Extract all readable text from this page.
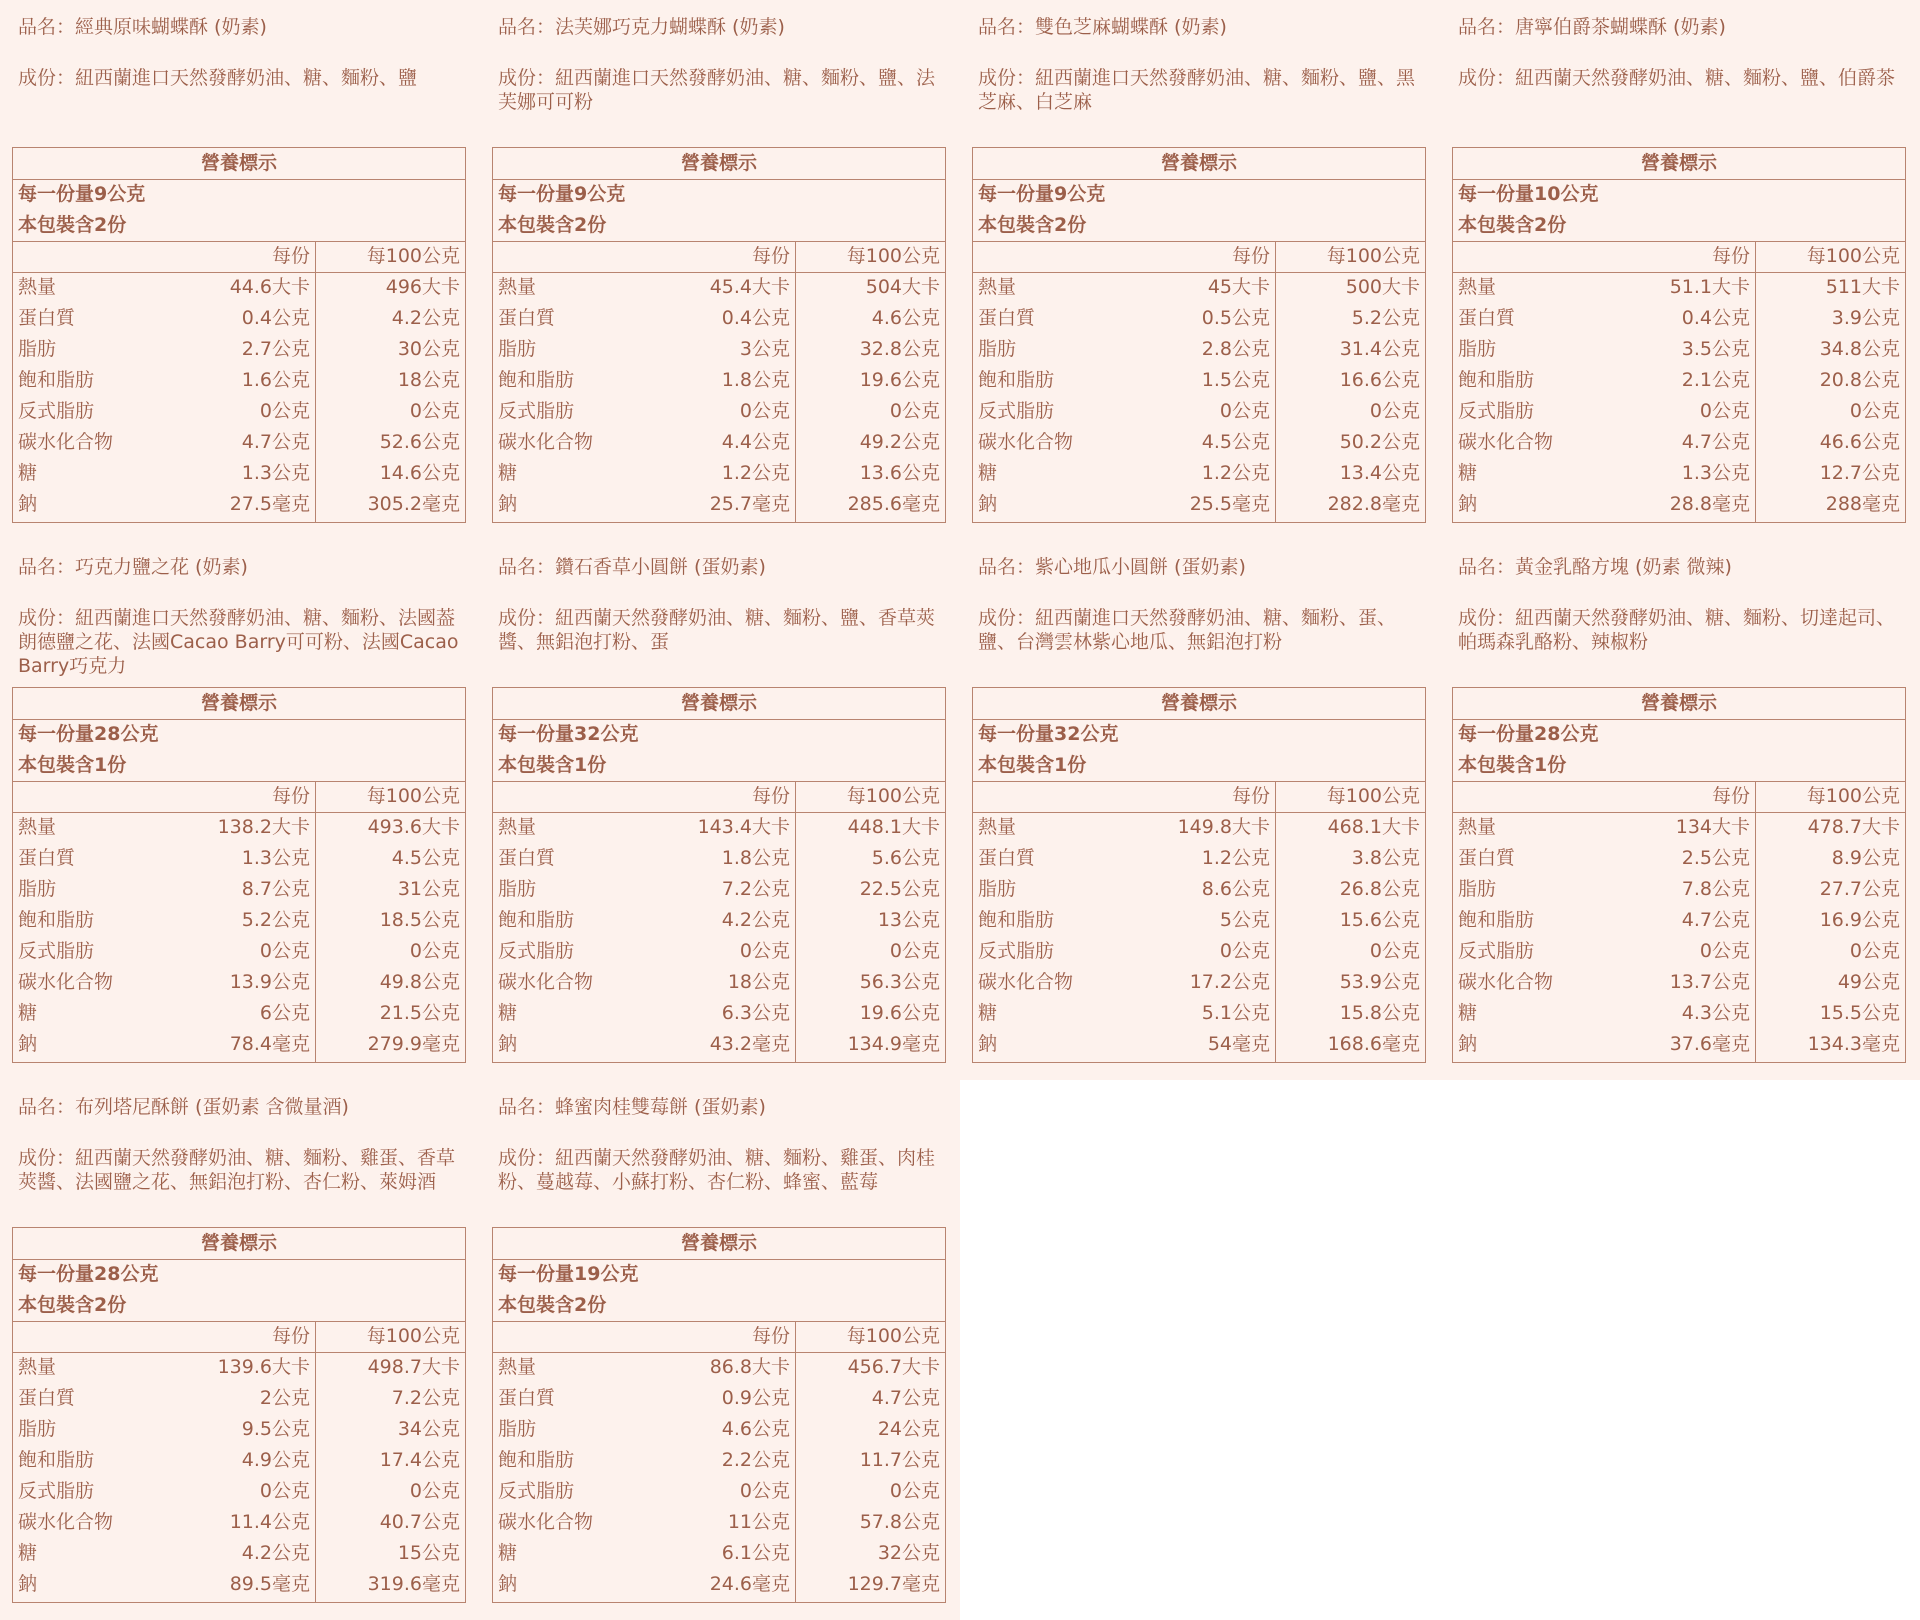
品名：經典原味蝴蝶酥 (奶素)
成份：紐西蘭進口天然發酵奶油、糖、麵粉、鹽
營養標示
每一份量9公克
本包裝含2份
每份	每100公克
熱量	44.6大卡	496大卡
蛋白質	0.4公克	4.2公克
脂肪	2.7公克	30公克
飽和脂肪	1.6公克	18公克
反式脂肪	0公克	0公克
碳水化合物	4.7公克	52.6公克
糖	1.3公克	14.6公克
鈉	27.5毫克	305.2毫克
品名：法芙娜巧克力蝴蝶酥 (奶素)
成份：紐西蘭進口天然發酵奶油、糖、麵粉、鹽、法芙娜可可粉
營養標示
每一份量9公克
本包裝含2份
每份	每100公克
熱量	45.4大卡	504大卡
蛋白質	0.4公克	4.6公克
脂肪	3公克	32.8公克
飽和脂肪	1.8公克	19.6公克
反式脂肪	0公克	0公克
碳水化合物	4.4公克	49.2公克
糖	1.2公克	13.6公克
鈉	25.7毫克	285.6毫克
品名：雙色芝麻蝴蝶酥 (奶素)
成份：紐西蘭進口天然發酵奶油、糖、麵粉、鹽、黑芝麻、白芝麻
營養標示
每一份量9公克
本包裝含2份
每份	每100公克
熱量	45大卡	500大卡
蛋白質	0.5公克	5.2公克
脂肪	2.8公克	31.4公克
飽和脂肪	1.5公克	16.6公克
反式脂肪	0公克	0公克
碳水化合物	4.5公克	50.2公克
糖	1.2公克	13.4公克
鈉	25.5毫克	282.8毫克
品名：唐寧伯爵茶蝴蝶酥 (奶素)
成份：紐西蘭天然發酵奶油、糖、麵粉、鹽、伯爵茶
營養標示
每一份量10公克
本包裝含2份
每份	每100公克
熱量	51.1大卡	511大卡
蛋白質	0.4公克	3.9公克
脂肪	3.5公克	34.8公克
飽和脂肪	2.1公克	20.8公克
反式脂肪	0公克	0公克
碳水化合物	4.7公克	46.6公克
糖	1.3公克	12.7公克
鈉	28.8毫克	288毫克
品名：巧克力鹽之花 (奶素)
成份：紐西蘭進口天然發酵奶油、糖、麵粉、法國葢朗德鹽之花、法國Cacao Barry可可粉、法國Cacao Barry巧克力
營養標示
每一份量28公克
本包裝含1份
每份	每100公克
熱量	138.2大卡	493.6大卡
蛋白質	1.3公克	4.5公克
脂肪	8.7公克	31公克
飽和脂肪	5.2公克	18.5公克
反式脂肪	0公克	0公克
碳水化合物	13.9公克	49.8公克
糖	6公克	21.5公克
鈉	78.4毫克	279.9毫克
品名：鑽石香草小圓餅 (蛋奶素)
成份：紐西蘭天然發酵奶油、糖、麵粉、鹽、香草莢醬、無鋁泡打粉、蛋
營養標示
每一份量32公克
本包裝含1份
每份	每100公克
熱量	143.4大卡	448.1大卡
蛋白質	1.8公克	5.6公克
脂肪	7.2公克	22.5公克
飽和脂肪	4.2公克	13公克
反式脂肪	0公克	0公克
碳水化合物	18公克	56.3公克
糖	6.3公克	19.6公克
鈉	43.2毫克	134.9毫克
品名：紫心地瓜小圓餅 (蛋奶素)
成份：紐西蘭進口天然發酵奶油、糖、麵粉、蛋、鹽、台灣雲林紫心地瓜、無鋁泡打粉
營養標示
每一份量32公克
本包裝含1份
每份	每100公克
熱量	149.8大卡	468.1大卡
蛋白質	1.2公克	3.8公克
脂肪	8.6公克	26.8公克
飽和脂肪	5公克	15.6公克
反式脂肪	0公克	0公克
碳水化合物	17.2公克	53.9公克
糖	5.1公克	15.8公克
鈉	54毫克	168.6毫克
品名：黃金乳酪方塊 (奶素 微辣)
成份：紐西蘭天然發酵奶油、糖、麵粉、切達起司、帕瑪森乳酪粉、辣椒粉
營養標示
每一份量28公克
本包裝含1份
每份	每100公克
熱量	134大卡	478.7大卡
蛋白質	2.5公克	8.9公克
脂肪	7.8公克	27.7公克
飽和脂肪	4.7公克	16.9公克
反式脂肪	0公克	0公克
碳水化合物	13.7公克	49公克
糖	4.3公克	15.5公克
鈉	37.6毫克	134.3毫克
品名：布列塔尼酥餅 (蛋奶素 含微量酒)
成份：紐西蘭天然發酵奶油、糖、麵粉、雞蛋、香草莢醬、法國鹽之花、無鋁泡打粉、杏仁粉、萊姆酒
營養標示
每一份量28公克
本包裝含2份
每份	每100公克
熱量	139.6大卡	498.7大卡
蛋白質	2公克	7.2公克
脂肪	9.5公克	34公克
飽和脂肪	4.9公克	17.4公克
反式脂肪	0公克	0公克
碳水化合物	11.4公克	40.7公克
糖	4.2公克	15公克
鈉	89.5毫克	319.6毫克
品名：蜂蜜肉桂雙莓餅 (蛋奶素)
成份：紐西蘭天然發酵奶油、糖、麵粉、雞蛋、肉桂粉、蔓越莓、小蘇打粉、杏仁粉、蜂蜜、藍莓
營養標示
每一份量19公克
本包裝含2份
每份	每100公克
熱量	86.8大卡	456.7大卡
蛋白質	0.9公克	4.7公克
脂肪	4.6公克	24公克
飽和脂肪	2.2公克	11.7公克
反式脂肪	0公克	0公克
碳水化合物	11公克	57.8公克
糖	6.1公克	32公克
鈉	24.6毫克	129.7毫克
